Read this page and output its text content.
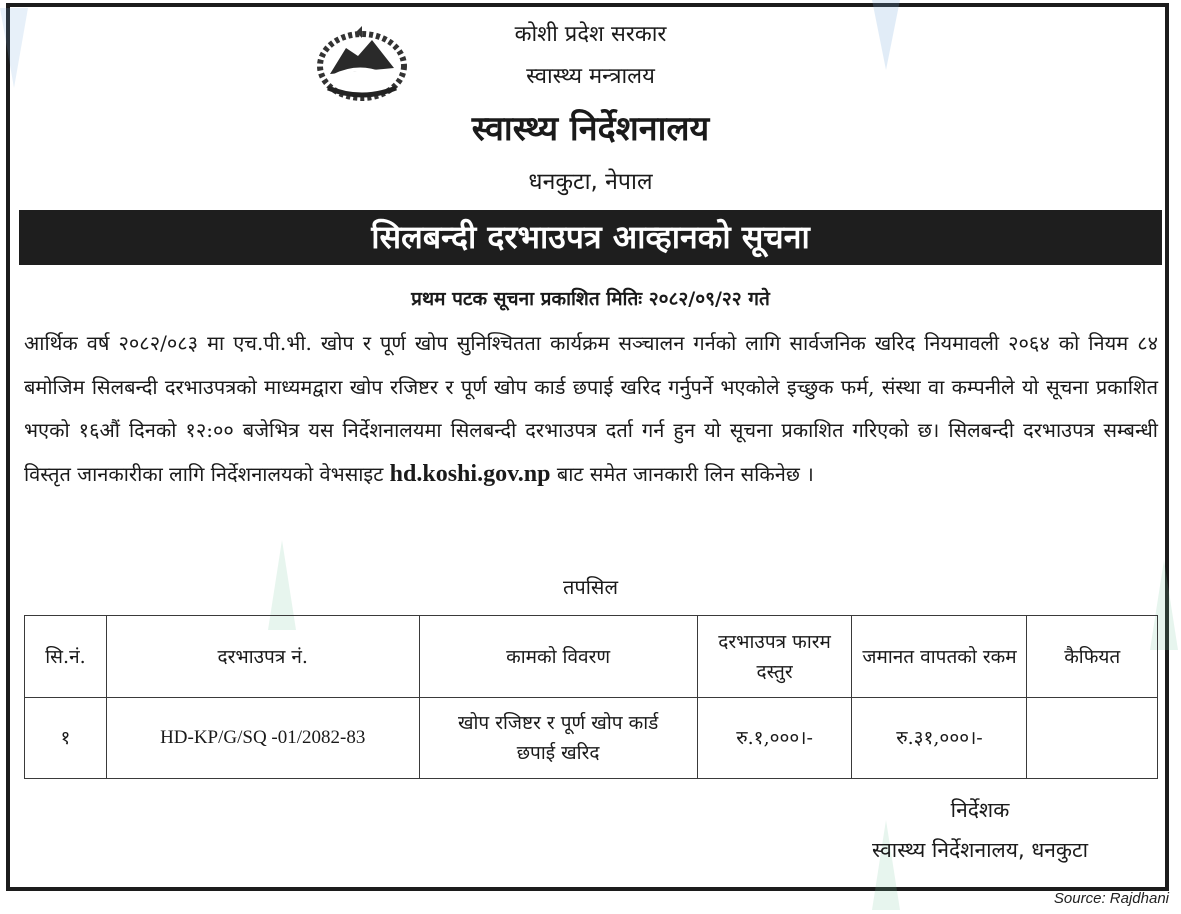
कोशी प्रदेश सरकार
स्वास्थ्य मन्त्रालय
स्वास्थ्य निर्देशनालय
धनकुटा, नेपाल
सिलबन्दी दरभाउपत्र आव्हानको सूचना
प्रथम पटक सूचना प्रकाशित मितिः २०८२/०९/२२ गते
आर्थिक वर्ष २०८२/०८३ मा एच.पी.भी. खोप र पूर्ण खोप सुनिश्चितता कार्यक्रम सञ्चालन गर्नको लागि सार्वजनिक खरिद नियमावली २०६४ को नियम ८४ बमोजिम सिलबन्दी दरभाउपत्रको माध्यमद्वारा खोप रजिष्टर र पूर्ण खोप कार्ड छपाई खरिद गर्नुपर्ने भएकोले इच्छुक फर्म, संस्था वा कम्पनीले यो सूचना प्रकाशित भएको १६औं दिनको १२:०० बजेभित्र यस निर्देशनालयमा सिलबन्दी दरभाउपत्र दर्ता गर्न हुन यो सूचना प्रकाशित गरिएको छ। सिलबन्दी दरभाउपत्र सम्बन्धी विस्तृत जानकारीका लागि निर्देशनालयको वेभसाइट hd.koshi.gov.np बाट समेत जानकारी लिन सकिनेछ ।
तपसिल
सि.नं.	दरभाउपत्र नं.	कामको विवरण	दरभाउपत्र फारम दस्तुर	जमानत वापतको रकम	कैफियत
१	HD-KP/G/SQ -01/2082-83	खोप रजिष्टर र पूर्ण खोप कार्ड छपाई खरिद	रु.१,०००।-	रु.३१,०००।-	
निर्देशक
स्वास्थ्य निर्देशनालय, धनकुटा
Source: Rajdhani
